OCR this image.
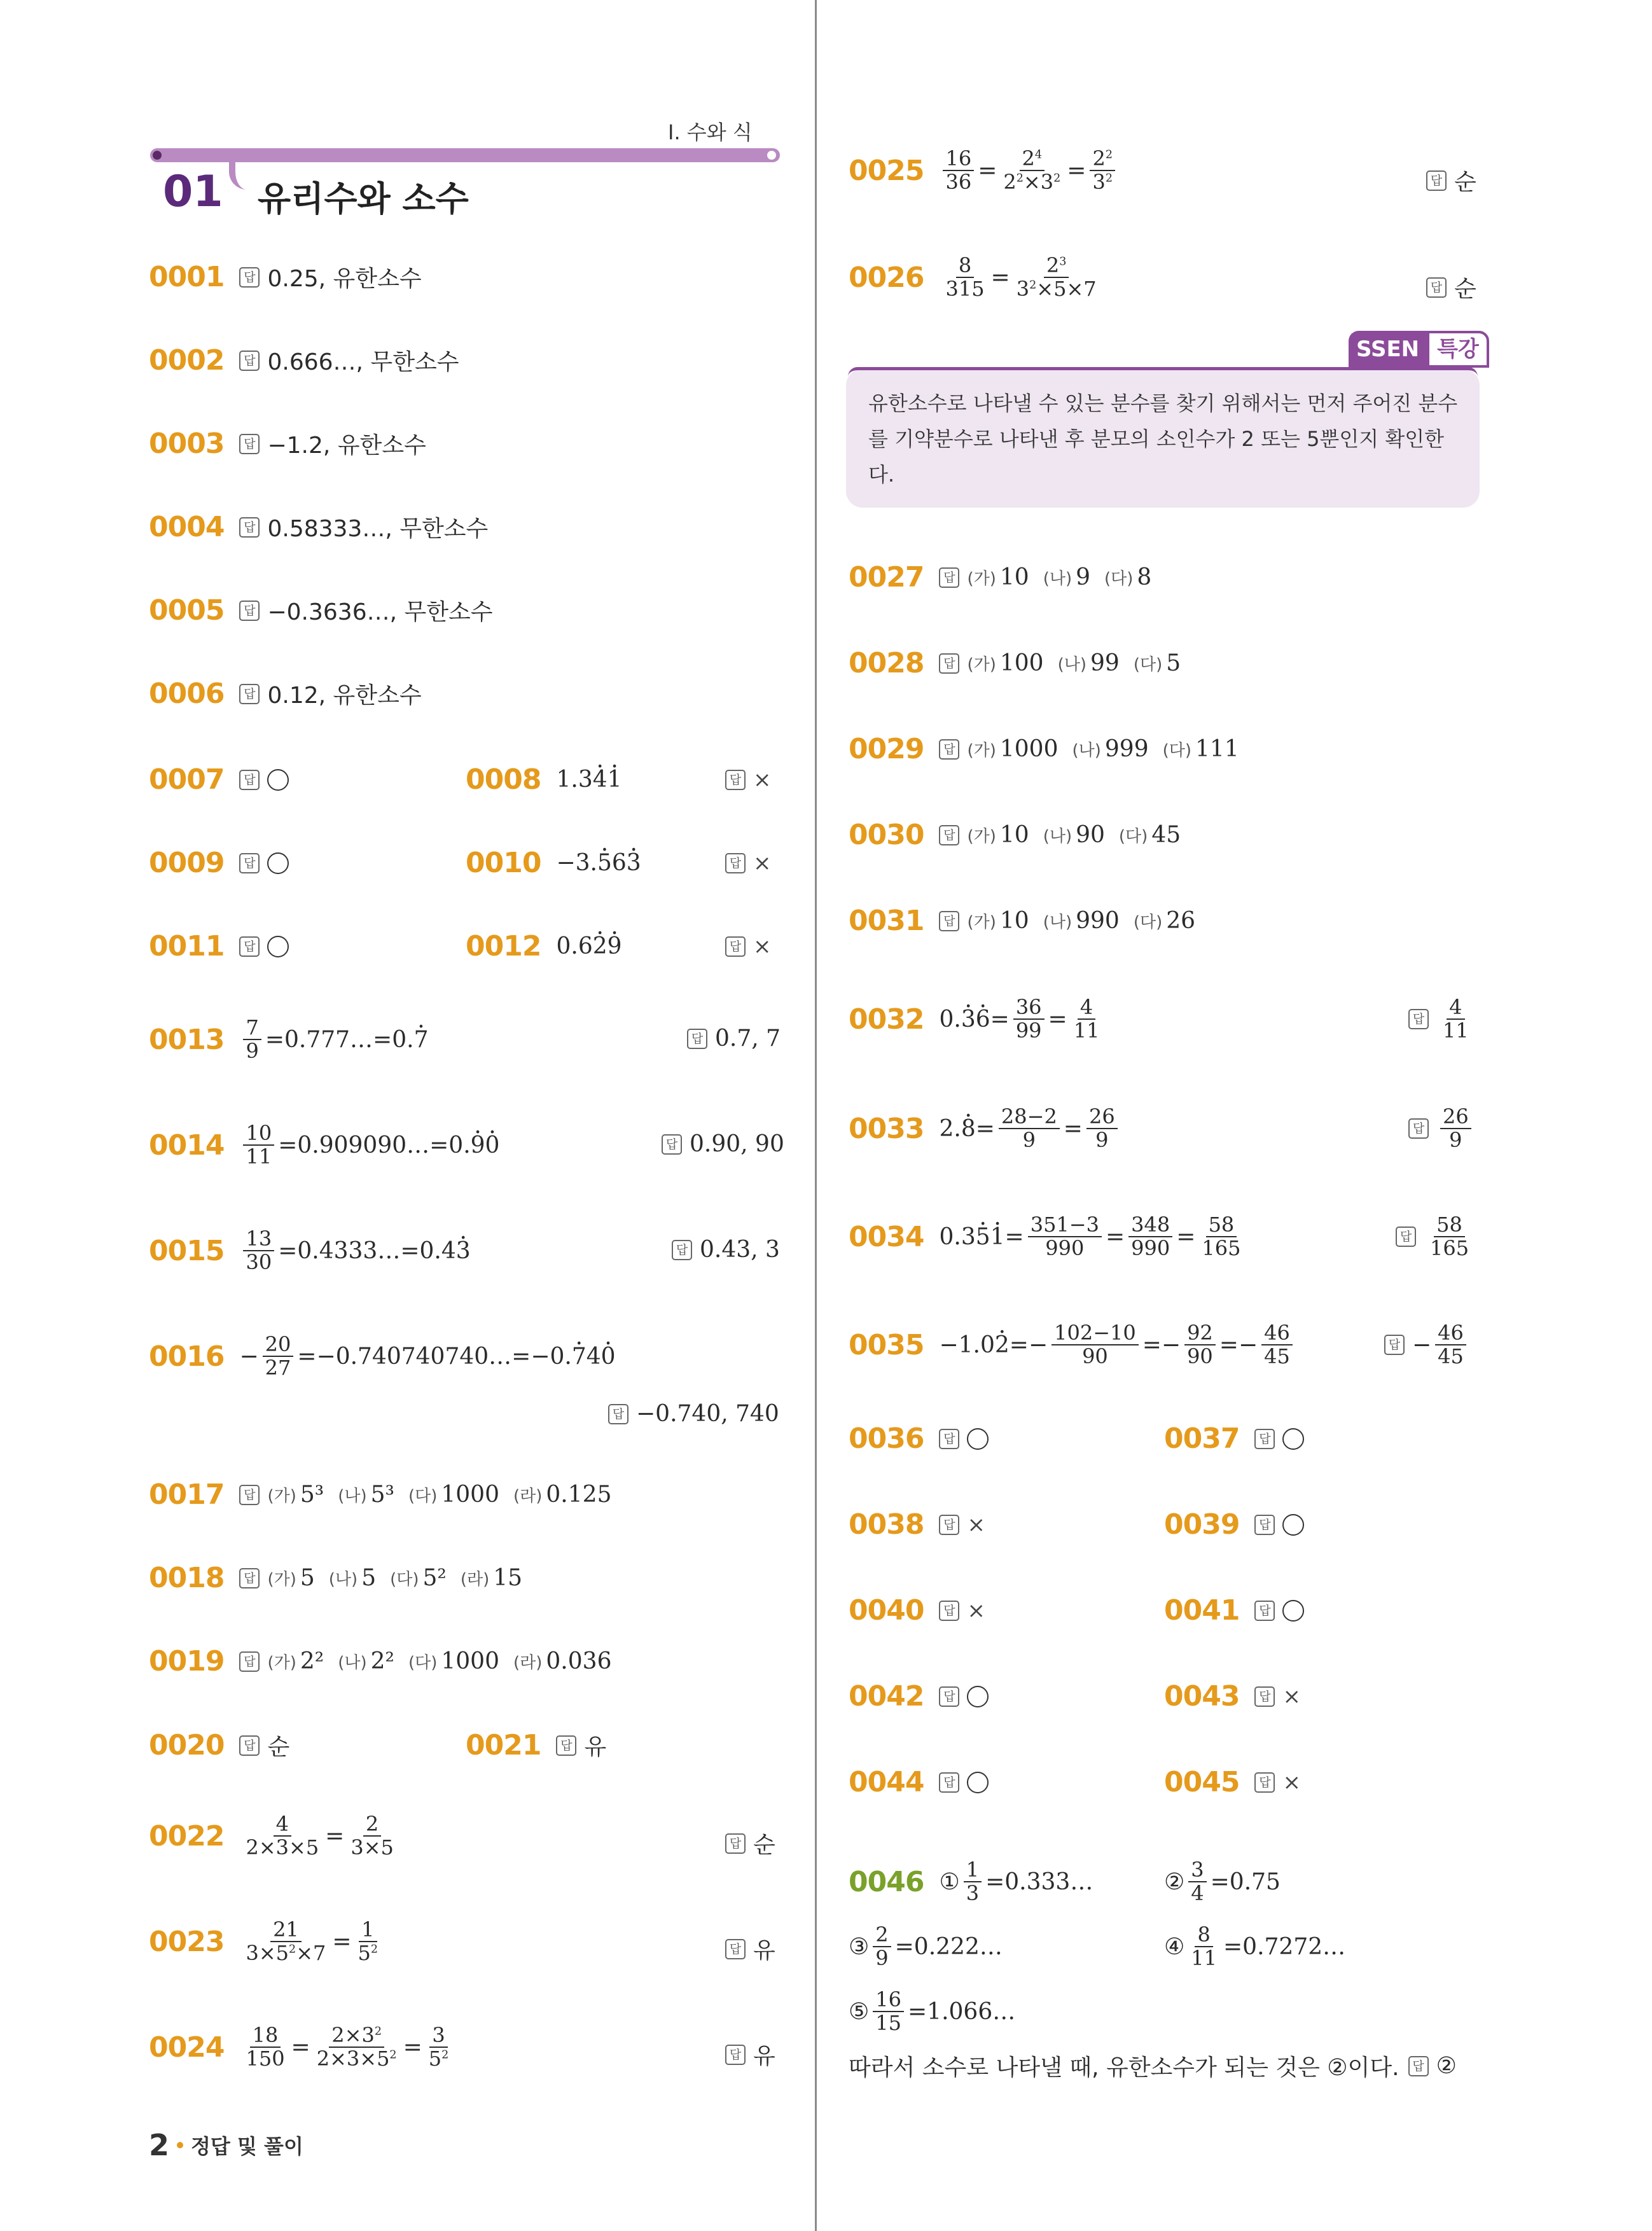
Ⅰ. 수와 식
01 유리수와 소수
0001	답 0.25, 유한소수
0002	답 0.666…, 무한소수
0003	답 −1.2, 유한소수
0004	답 0.58333…, 무한소수
0005	답 −0.3636…, 무한소수
0006	답 0.12, 유한소수
0007	답	0008 1.34 ·1 ·	답 ×
0009	답	0010 −3.5 ·63 ·	답 ×
0011	답	0012 0.62 ·9 ·	답 ×
$0013 \frac{7}{9}$ =0.777…=0.7 ·	답 0.7, 7
$0014 \frac{10}{11}$ =0.909090…=0.9 ·0 ·	답 0.90, 90
$0015 \frac{13}{30}$ =0.4333…=0.43 ·	답 0.43, 3
$0016 - \frac{20}{27}$ =−0.740740740…=−0.7 ·40 ·
답 −0.740, 740
0017	답 (가) 5³ (나) 5³ (다) 1000 (라) 0.125
0018	답 (가) 5 (나) 5 (다) 5² (라) 15
0019	답 (가) 2² (나) 2² (다) 1000 (라) 0.036
0020	답 순	0021	답 유
$0022 \frac{4}{2\times 3\times 5} = \frac{2}{3\times 5}$	답 순
$0023 \frac{21}{3\times 5^2\times 7} = \frac{1}{5^2}$	답 유
$0024 \frac{18}{150} = \frac{2\times 3^2}{2\times 3\times 5^2} = \frac{3}{5^2}$	답 유
2 정답 및 풀이
$0025 \frac{16}{36} = \frac{2^4}{2^2\times 3^2} = \frac{2^2}{3^2}$	답 순
$0026 \frac{8}{315} = \frac{2^3}{3^2\times 5\times 7}$	답 순
SSEN 특강
유한소수로 나타낼 수 있는 분수를 찾기 위해서는 먼저 주어진 분수를 기약분수로 나타낸 후 분모의 소인수가 2 또는 5뿐인지 확인한다.
0027	답 (가) 10 (나) 9 (다) 8
0028	답 (가) 100 (나) 99 (다) 5
0029	답 (가) 1000 (나) 999 (다) 111
0030	답 (가) 10 (나) 90 (다) 45
0031	답 (가) 10 (나) 990 (다) 26
0032 $0.3 \cdot 6 \cdot= \frac{36}{99} = \frac{4}{11}$	답 $\frac{4}{11}$
0033 $2.8 \cdot= \frac{28-2}{9} = \frac{26}{9}$	답 $\frac{26}{9}$
0034 $0.35 \cdot 1 \cdot= \frac{351-3}{990} = \frac{348}{990} = \frac{58}{165}$	답 $\frac{58}{165}$
0035 −1.02 ·=− $\frac{102-10}{90} =- \frac{92}{90} =- \frac{46}{45}$	답 − $\frac{46}{45}$
0036	답	0037	답
0038	답 ×	0039	답
0040	답 ×	0041	답
0042	답	0043	답 ×
0044	답	0045	답 ×
0046 ① $\frac{1}{3}$ =0.333…	② $\frac{3}{4} =0.75$
③ $\frac{2}{9}$ =0.222…	④ $\frac{8}{11}$ =0.7272…
⑤ $\frac{16}{15}$ =1.066…
따라서 소수로 나타낼 때, 유한소수가 되는 것은 ②이다.	답 ②
